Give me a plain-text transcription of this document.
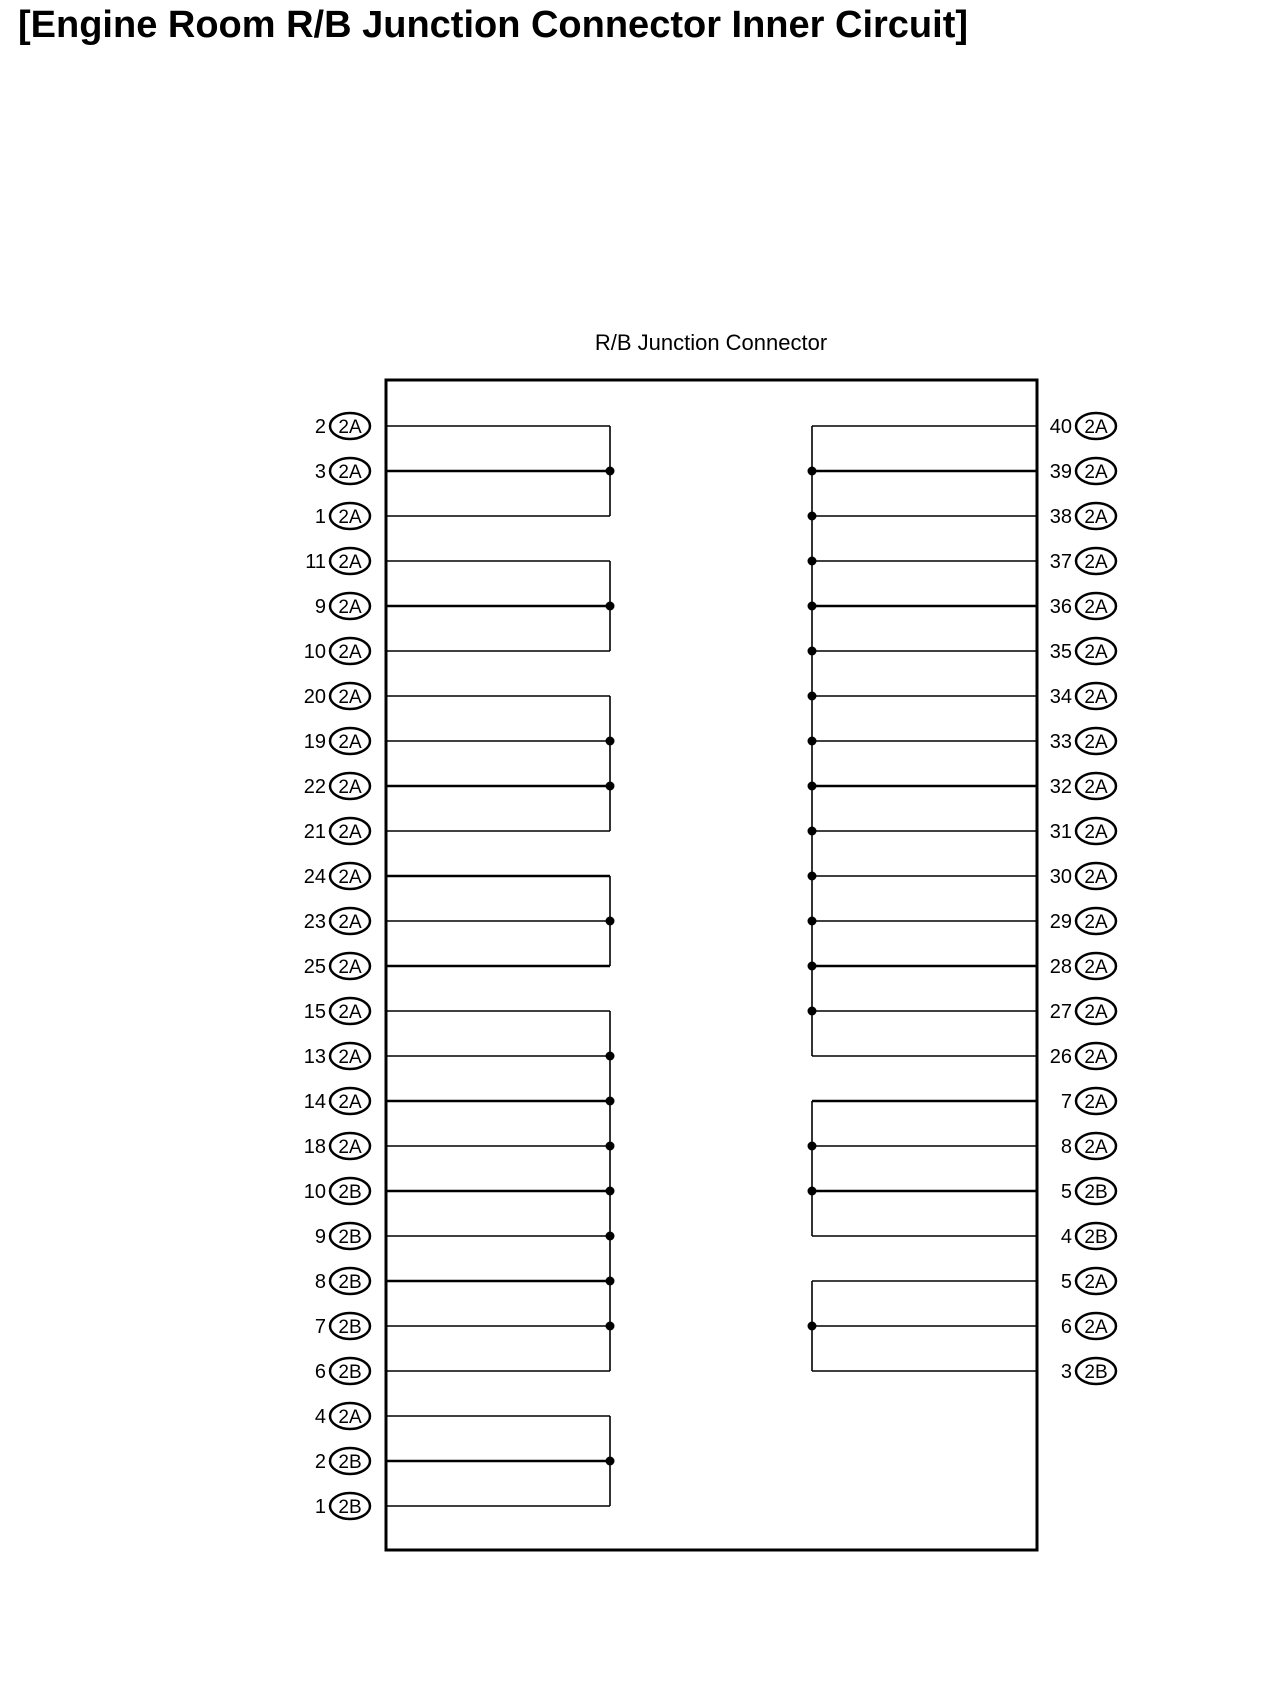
[Engine Room R/B Junction Connector Inner Circuit]
R/B Junction Connector
2 2A
3 2A
1 2A
11 2A
9 2A
10 2A
20 2A
19 2A
22 2A
21 2A
24 2A
23 2A
25 2A
15 2A
13 2A
14 2A
18 2A
10 2B
9 2B
8 2B
7 2B
6 2B
4 2A
2 2B
1 2B
40 2A
39 2A
38 2A
37 2A
36 2A
35 2A
34 2A
33 2A
32 2A
31 2A
30 2A
29 2A
28 2A
27 2A
26 2A
7 2A
8 2A
5 2B
4 2B
5 2A
6 2A
3 2B
